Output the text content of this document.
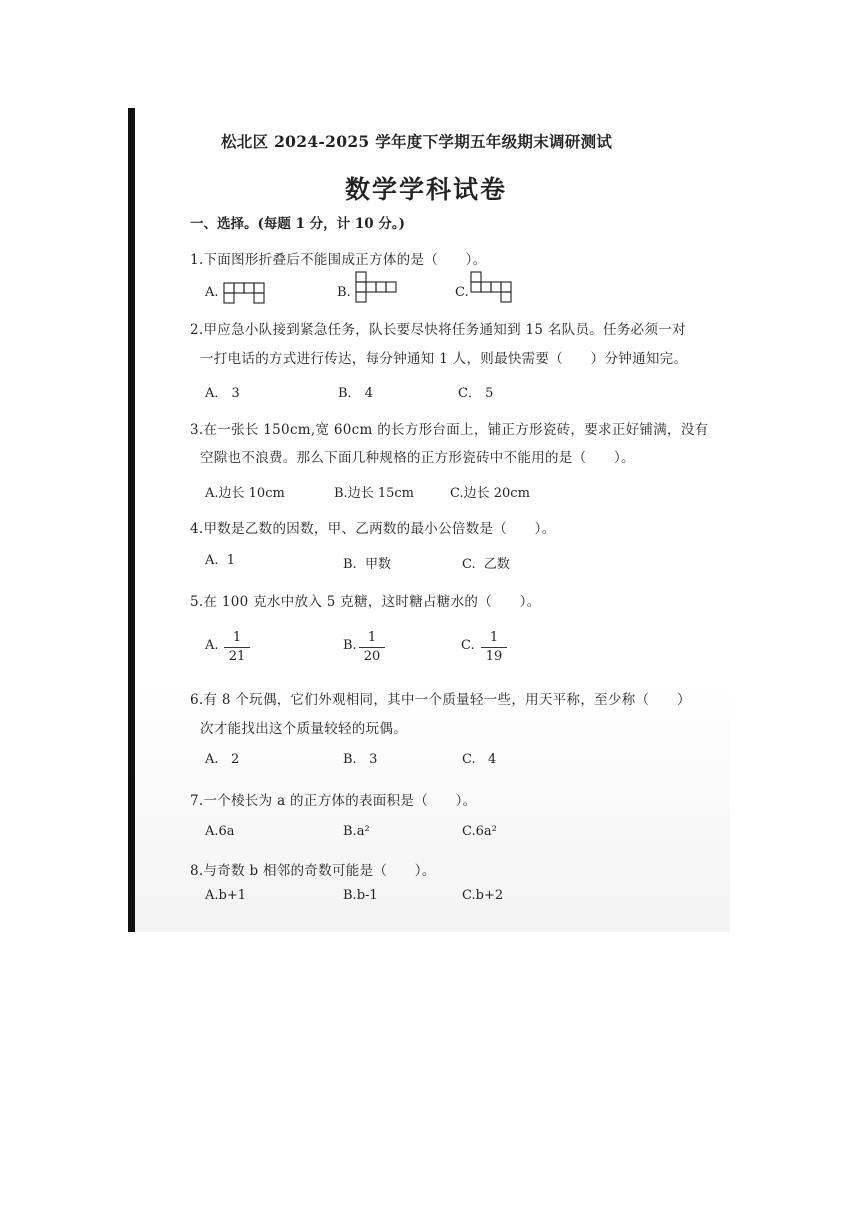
松北区 2024-2025 学年度下学期五年级期末调研测试
数学学科试卷
一、选择。(每题 1 分，计 10 分。)
1.下面图形折叠后不能围成正方体的是（　　）。
A.	B.	C.
2.甲应急小队接到紧急任务，队长要尽快将任务通知到 15 名队员。任务必须一对
一打电话的方式进行传达，每分钟通知 1 人，则最快需要（　　）分钟通知完。
A． 3	B． 4	C． 5
3.在一张长 150cm,宽 60cm 的长方形台面上，铺正方形瓷砖，要求正好铺满，没有
空隙也不浪费。那么下面几种规格的正方形瓷砖中不能用的是（　　）。
A.边长 10cm	B.边长 15cm	C.边长 20cm
4.甲数是乙数的因数，甲、乙两数的最小公倍数是（　　）。
A. 1	B. 甲数	C. 乙数
5.在 100 克水中放入 5 克糖，这时糖占糖水的（　　）。
A.
1
21
B.
1
20
C.
1
19
6.有 8 个玩偶，它们外观相同，其中一个质量轻一些，用天平称，至少称（　　）
次才能找出这个质量较轻的玩偶。
A. 2	B. 3	C. 4
7.一个棱长为 a 的正方体的表面积是（　　）。
A.6a	B.a²	C.6a²
8.与奇数 b 相邻的奇数可能是（　　）。
A.b+1	B.b-1	C.b+2
